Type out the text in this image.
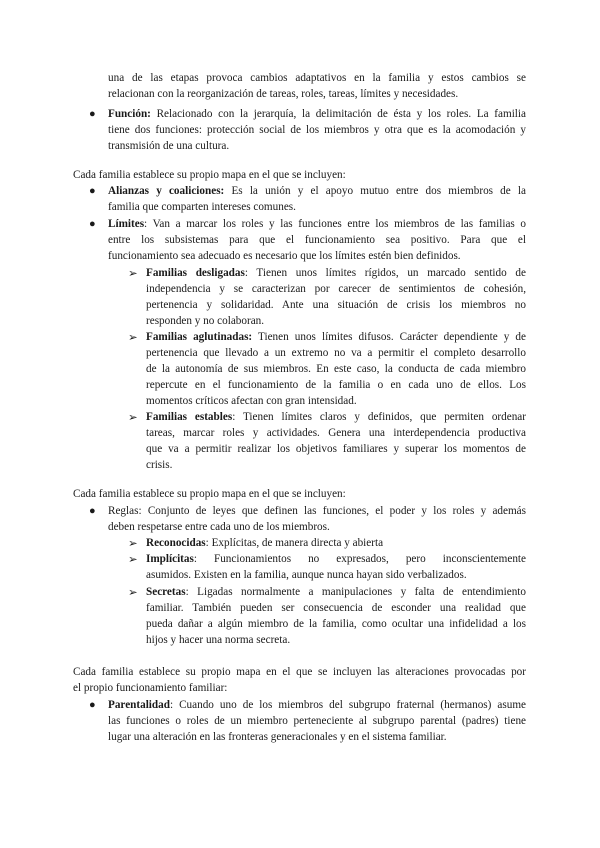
una de las etapas provoca cambios adaptativos en la familia y estos cambios se
relacionan con la reorganización de tareas, roles, tareas, límites y necesidades.
● Función: Relacionado con la jerarquía, la delimitación de ésta y los roles. La familia
tiene dos funciones: protección social de los miembros y otra que es la acomodación y
transmisión de una cultura.
Cada familia establece su propio mapa en el que se incluyen:
● Alianzas y coaliciones: Es la unión y el apoyo mutuo entre dos miembros de la
familia que comparten intereses comunes.
● Límites: Van a marcar los roles y las funciones entre los miembros de las familias o
entre los subsistemas para que el funcionamiento sea positivo. Para que el
funcionamiento sea adecuado es necesario que los límites estén bien definidos.
➢ Familias desligadas: Tienen unos límites rígidos, un marcado sentido de
independencia y se caracterizan por carecer de sentimientos de cohesión,
pertenencia y solidaridad. Ante una situación de crisis los miembros no
responden y no colaboran.
➢ Familias aglutinadas: Tienen unos límites difusos. Carácter dependiente y de
pertenencia que llevado a un extremo no va a permitir el completo desarrollo
de la autonomía de sus miembros. En este caso, la conducta de cada miembro
repercute en el funcionamiento de la familia o en cada uno de ellos. Los
momentos críticos afectan con gran intensidad.
➢ Familias estables: Tienen límites claros y definidos, que permiten ordenar
tareas, marcar roles y actividades. Genera una interdependencia productiva
que va a permitir realizar los objetivos familiares y superar los momentos de
crisis.
Cada familia establece su propio mapa en el que se incluyen:
● Reglas: Conjunto de leyes que definen las funciones, el poder y los roles y además
deben respetarse entre cada uno de los miembros.
➢ Reconocidas: Explícitas, de manera directa y abierta
➢ Implícitas: Funcionamientos no expresados, pero inconscientemente
asumidos. Existen en la familia, aunque nunca hayan sido verbalizados.
➢ Secretas: Ligadas normalmente a manipulaciones y falta de entendimiento
familiar. También pueden ser consecuencia de esconder una realidad que
pueda dañar a algún miembro de la familia, como ocultar una infidelidad a los
hijos y hacer una norma secreta.
Cada familia establece su propio mapa en el que se incluyen las alteraciones provocadas por
el propio funcionamiento familiar:
● Parentalidad: Cuando uno de los miembros del subgrupo fraternal (hermanos) asume
las funciones o roles de un miembro perteneciente al subgrupo parental (padres) tiene
lugar una alteración en las fronteras generacionales y en el sistema familiar.
